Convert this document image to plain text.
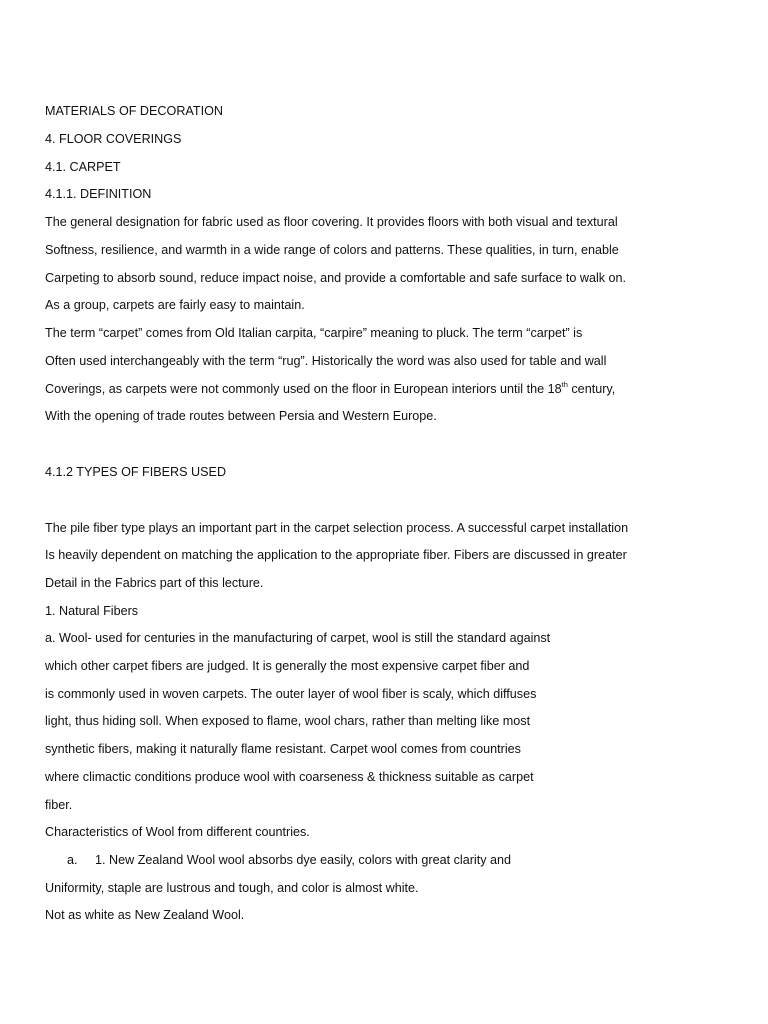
MATERIALS OF DECORATION
4. FLOOR COVERINGS
4.1. CARPET
4.1.1. DEFINITION
The general designation for fabric used as floor covering. It provides floors with both visual and textural
Softness, resilience, and warmth in a wide range of colors and patterns. These qualities, in turn, enable
Carpeting to absorb sound, reduce impact noise, and provide a comfortable and safe surface to walk on.
As a group, carpets are fairly easy to maintain.
The term “carpet” comes from Old Italian carpita, “carpire” meaning to pluck. The term “carpet” is
Often used interchangeably with the term “rug”. Historically the word was also used for table and wall
Coverings, as carpets were not commonly used on the floor in European interiors until the 18th century,
With the opening of trade routes between Persia and Western Europe.
4.1.2 TYPES OF FIBERS USED
The pile fiber type plays an important part in the carpet selection process. A successful carpet installation
Is heavily dependent on matching the application to the appropriate fiber. Fibers are discussed in greater
Detail in the Fabrics part of this lecture.
1. Natural Fibers
a. Wool- used for centuries in the manufacturing of carpet, wool is still the standard against
which other carpet fibers are judged. It is generally the most expensive carpet fiber and
is commonly used in woven carpets. The outer layer of wool fiber is scaly, which diffuses
light, thus hiding soll. When exposed to flame, wool chars, rather than melting like most
synthetic fibers, making it naturally flame resistant. Carpet wool comes from countries
where climactic conditions produce wool with coarseness & thickness suitable as carpet
fiber.
Characteristics of Wool from different countries.
a.     1. New Zealand Wool wool absorbs dye easily, colors with great clarity and
Uniformity, staple are lustrous and tough, and color is almost white.
Not as white as New Zealand Wool.
